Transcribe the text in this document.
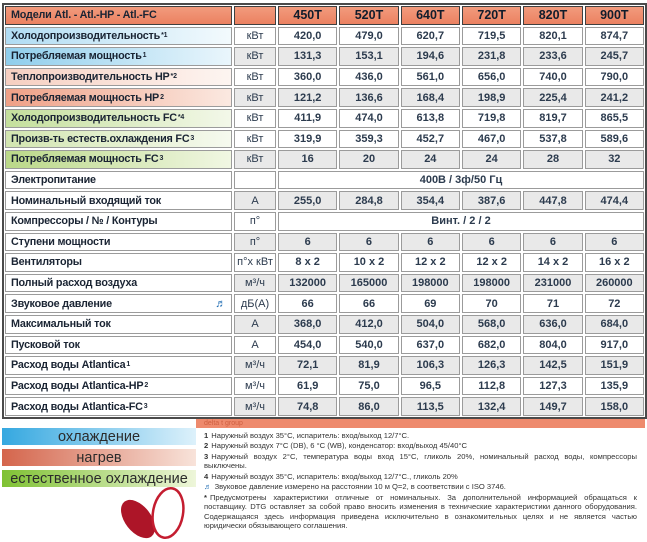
Модели Atl. - Atl.-HP - Atl.-FC	450T	520T	640T	720T	820T	900T
Холодопроизводительность *1	кВт	420,0	479,0	620,7	719,5	820,1	874,7
Потребляемая мощность 1	кВт	131,3	153,1	194,6	231,8	233,6	245,7
Теплопроизводительность HP *2	кВт	360,0	436,0	561,0	656,0	740,0	790,0
Потребляемая мощность HP 2	кВт	121,2	136,6	168,4	198,9	225,4	241,2
Холодопроизводительность FC *4	кВт	411,9	474,0	613,8	719,8	819,7	865,5
Произв-ть естеств.охлаждения FC 3	кВт	319,9	359,3	452,7	467,0	537,8	589,6
Потребляемая мощность FC 3	кВт	16	20	24	24	28	32
Электропитание	400В / 3ф/50 Гц
Номинальный входящий ток	А	255,0	284,8	354,4	387,6	447,8	474,4
Компрессоры / № / Контуры	п°	Винт. / 2 / 2
Ступени мощности	п°	6	6	6	6	6	6
Вентиляторы	п°х кВт	8 x 2	10 x 2	12 x 2	12 x 2	14 x 2	16 x 2
Полный расход воздуха	м³/ч	132000	165000	198000	198000	231000	260000
Звуковое давление	♬	дБ(А)	66	66	69	70	71	72
Максимальный ток	А	368,0	412,0	504,0	568,0	636,0	684,0
Пусковой ток	А	454,0	540,0	637,0	682,0	804,0	917,0
Расход воды Atlantica 1	м³/ч	72,1	81,9	106,3	126,3	142,5	151,9
Расход воды Atlantica-HP 2	м³/ч	61,9	75,0	96,5	112,8	127,3	135,9
Расход воды Atlantica-FC 3	м³/ч	74,8	86,0	113,5	132,4	149,7	158,0
охлаждение
нагрев
естественное охлаждение
delta t group
1 Наружный воздух 35°С, испаритель: вход/выход 12/7°С.
2 Наружный воздух 7°С (DB), 6 °С (WB), конденсатор: вход/выход 45/40°С
3 Наружный воздух 2°С, температура воды вход 15°С, гликоль 20%, номинальный расход воды, компрессоры выключены.
4 Наружный воздух 35°С, испаритель: вход/выход 12/7°С., гликоль 20%
♬ Звуковое давление измерено на расстоянии 10 м Q=2, в соответствии с ISO 3746.
* Предусмотрены характеристики отличные от номинальных. За дополнительной информацией обращаться к поставщику. DTG оставляет за собой право вносить изменения в технические характеристики данного оборудования. Содержащаяся здесь информация приведена исключительно в ознакомительных целях и не является частью юридически обязывающего соглашения.
